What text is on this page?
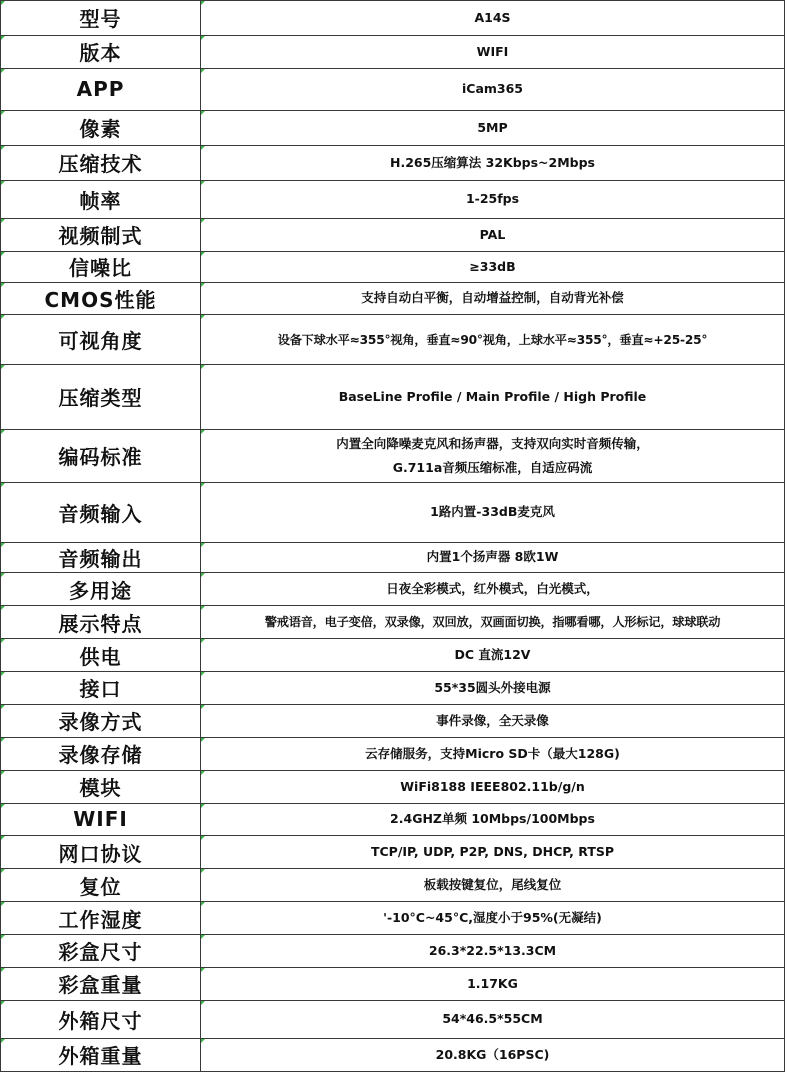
型号	A14S

版本	WIFI

APP	iCam365

像素	5MP

压缩技术	H.265压缩算法 32Kbps~2Mbps

帧率	1-25fps

视频制式	PAL

信噪比	≥33dB

CMOS性能	支持自动白平衡，自动增益控制，自动背光补偿

可视角度	设备下球水平≈355°视角，垂直≈90°视角，上球水平≈355°，垂直≈+25-25°

压缩类型	BaseLine Profile / Main Profile / High Profile

编码标准	内置全向降噪麦克风和扬声器，支持双向实时音频传输，
G.711a音频压缩标准，自适应码流

音频输入	1路内置-33dB麦克风

音频输出	内置1个扬声器 8欧1W

多用途	日夜全彩模式，红外模式，白光模式，

展示特点	警戒语音，电子变倍，双录像，双回放，双画面切换，指哪看哪，人形标记，球球联动

供电	DC 直流12V

接口	55*35圆头外接电源

录像方式	事件录像，全天录像

录像存储	云存储服务，支持Micro SD卡（最大128G)

模块	WiFi8188 IEEE802.11b/g/n

WIFI	2.4GHZ单频 10Mbps/100Mbps

网口协议	TCP/IP, UDP, P2P, DNS, DHCP, RTSP

复位	板载按键复位，尾线复位

工作湿度	'-10°C~45°C,湿度小于95%(无凝结)

彩盒尺寸	26.3*22.5*13.3CM

彩盒重量	1.17KG

外箱尺寸	54*46.5*55CM

外箱重量	20.8KG（16PSC)
